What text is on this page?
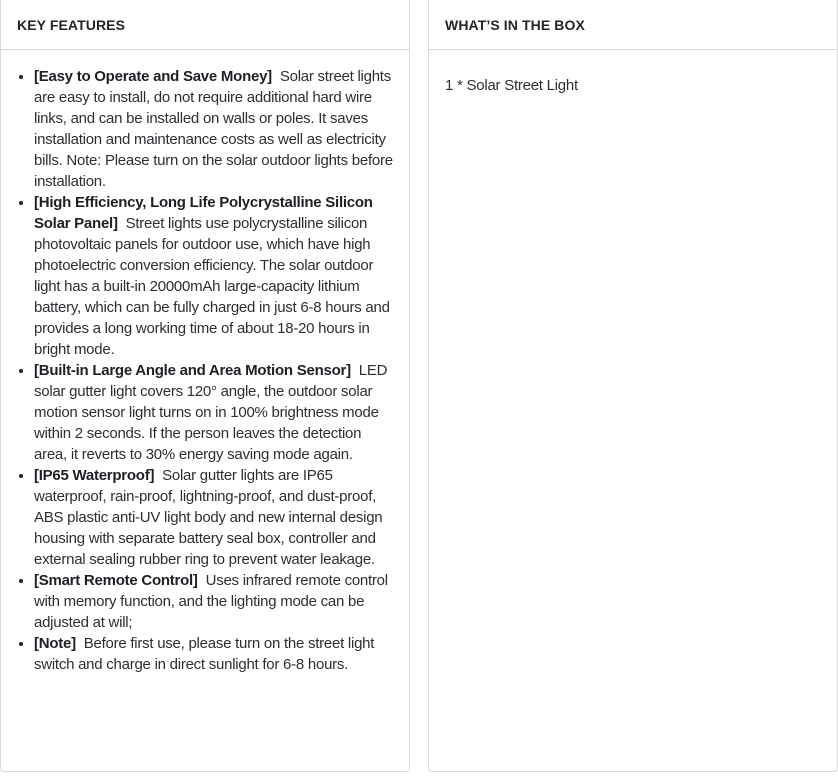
KEY FEATURES
• [Easy to Operate and Save Money] Solar street lights are easy to install, do not require additional hard wire links, and can be installed on walls or poles. It saves installation and maintenance costs as well as electricity bills. Note: Please turn on the solar outdoor lights before installation.
• [High Efficiency, Long Life Polycrystalline Silicon Solar Panel] Street lights use polycrystalline silicon photovoltaic panels for outdoor use, which have high photoelectric conversion efficiency. The solar outdoor light has a built-in 20000mAh large-capacity lithium battery, which can be fully charged in just 6-8 hours and provides a long working time of about 18-20 hours in bright mode.
• [Built-in Large Angle and Area Motion Sensor] LED solar gutter light covers 120° angle, the outdoor solar motion sensor light turns on in 100% brightness mode within 2 seconds. If the person leaves the detection area, it reverts to 30% energy saving mode again.
• [IP65 Waterproof] Solar gutter lights are IP65 waterproof, rain-proof, lightning-proof, and dust-proof, ABS plastic anti-UV light body and new internal design housing with separate battery seal box, controller and external sealing rubber ring to prevent water leakage.
• [Smart Remote Control] Uses infrared remote control with memory function, and the lighting mode can be adjusted at will;
• [Note] Before first use, please turn on the street light switch and charge in direct sunlight for 6-8 hours.
WHAT’S IN THE BOX

1 * Solar Street Light
